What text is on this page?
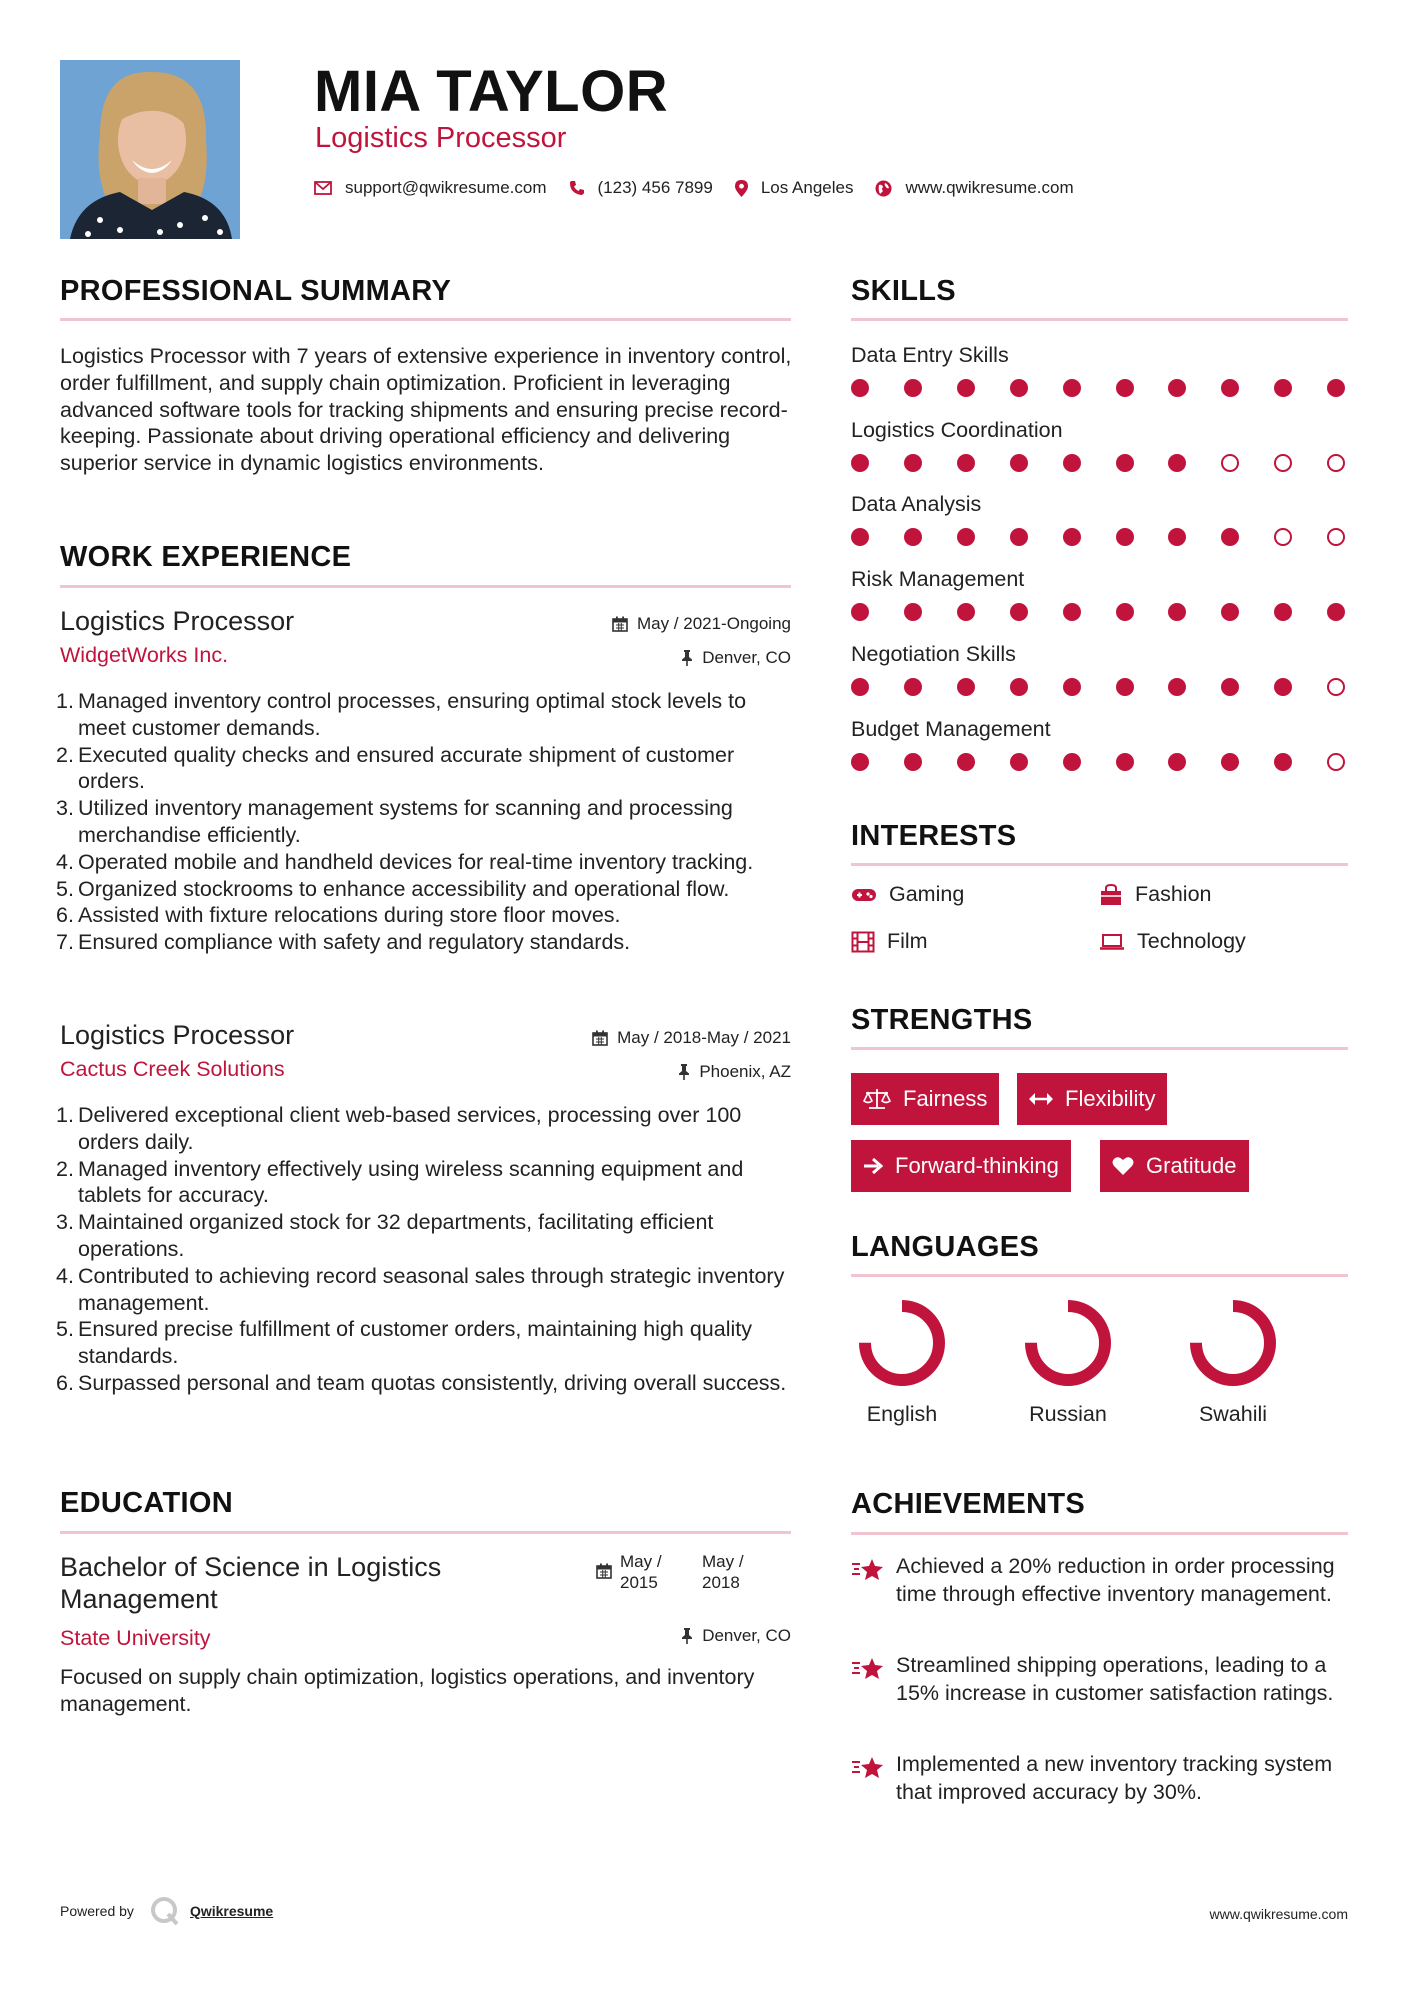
MIA TAYLOR
Logistics Processor
support@qwikresume.com	(123) 456 7899	Los Angeles	www.qwikresume.com
PROFESSIONAL SUMMARY
Logistics Processor with 7 years of extensive experience in inventory control, order fulfillment, and supply chain optimization. Proficient in leveraging advanced software tools for tracking shipments and ensuring precise record-keeping. Passionate about driving operational efficiency and delivering superior service in dynamic logistics environments.
WORK EXPERIENCE
Logistics Processor	May / 2021-Ongoing
WidgetWorks Inc.	Denver, CO
Managed inventory control processes, ensuring optimal stock levels to meet customer demands.
Executed quality checks and ensured accurate shipment of customer orders.
Utilized inventory management systems for scanning and processing merchandise efficiently.
Operated mobile and handheld devices for real-time inventory tracking.
Organized stockrooms to enhance accessibility and operational flow.
Assisted with fixture relocations during store floor moves.
Ensured compliance with safety and regulatory standards.
Logistics Processor	May / 2018-May / 2021
Cactus Creek Solutions	Phoenix, AZ
Delivered exceptional client web-based services, processing over 100 orders daily.
Managed inventory effectively using wireless scanning equipment and tablets for accuracy.
Maintained organized stock for 32 departments, facilitating efficient operations.
Contributed to achieving record seasonal sales through strategic inventory management.
Ensured precise fulfillment of customer orders, maintaining high quality standards.
Surpassed personal and team quotas consistently, driving overall success.
EDUCATION
Bachelor of Science in Logistics Management
May / 2015
May / 2018
State University	Denver, CO
Focused on supply chain optimization, logistics operations, and inventory management.
SKILLS
Data Entry Skills
Logistics Coordination
Data Analysis
Risk Management
Negotiation Skills
Budget Management
INTERESTS
Gaming	Fashion
Film	Technology
STRENGTHS
Fairness	Flexibility
Forward-thinking	Gratitude
LANGUAGES
English	Russian	Swahili
ACHIEVEMENTS
Achieved a 20% reduction in order processing time through effective inventory management.
Streamlined shipping operations, leading to a 15% increase in customer satisfaction ratings.
Implemented a new inventory tracking system that improved accuracy by 30%.
Powered by	Qwikresume	www.qwikresume.com
